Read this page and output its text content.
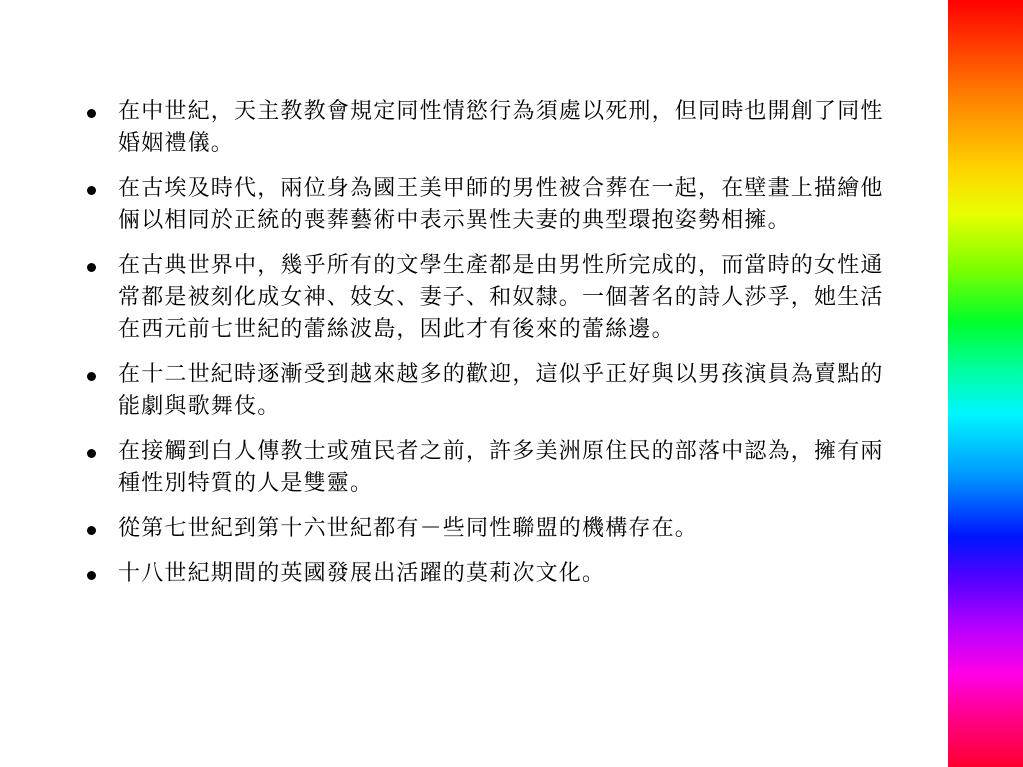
在中世紀，天主教教會規定同性情慾行為須處以死刑，但同時也開創了同性婚姻禮儀。
在古埃及時代，兩位身為國王美甲師的男性被合葬在一起，在壁畫上描繪他倆以相同於正統的喪葬藝術中表示異性夫妻的典型環抱姿勢相擁。
在古典世界中，幾乎所有的文學生產都是由男性所完成的，而當時的女性通常都是被刻化成女神、妓女、妻子、和奴隸。一個著名的詩人莎孚，她生活在西元前七世紀的蕾絲波島，因此才有後來的蕾絲邊。
在十二世紀時逐漸受到越來越多的歡迎，這似乎正好與以男孩演員為賣點的能劇與歌舞伎。
在接觸到白人傳教士或殖民者之前，許多美洲原住民的部落中認為，擁有兩種性別特質的人是雙靈。
從第七世紀到第十六世紀都有－些同性聯盟的機構存在。
十八世紀期間的英國發展出活躍的莫莉次文化。
